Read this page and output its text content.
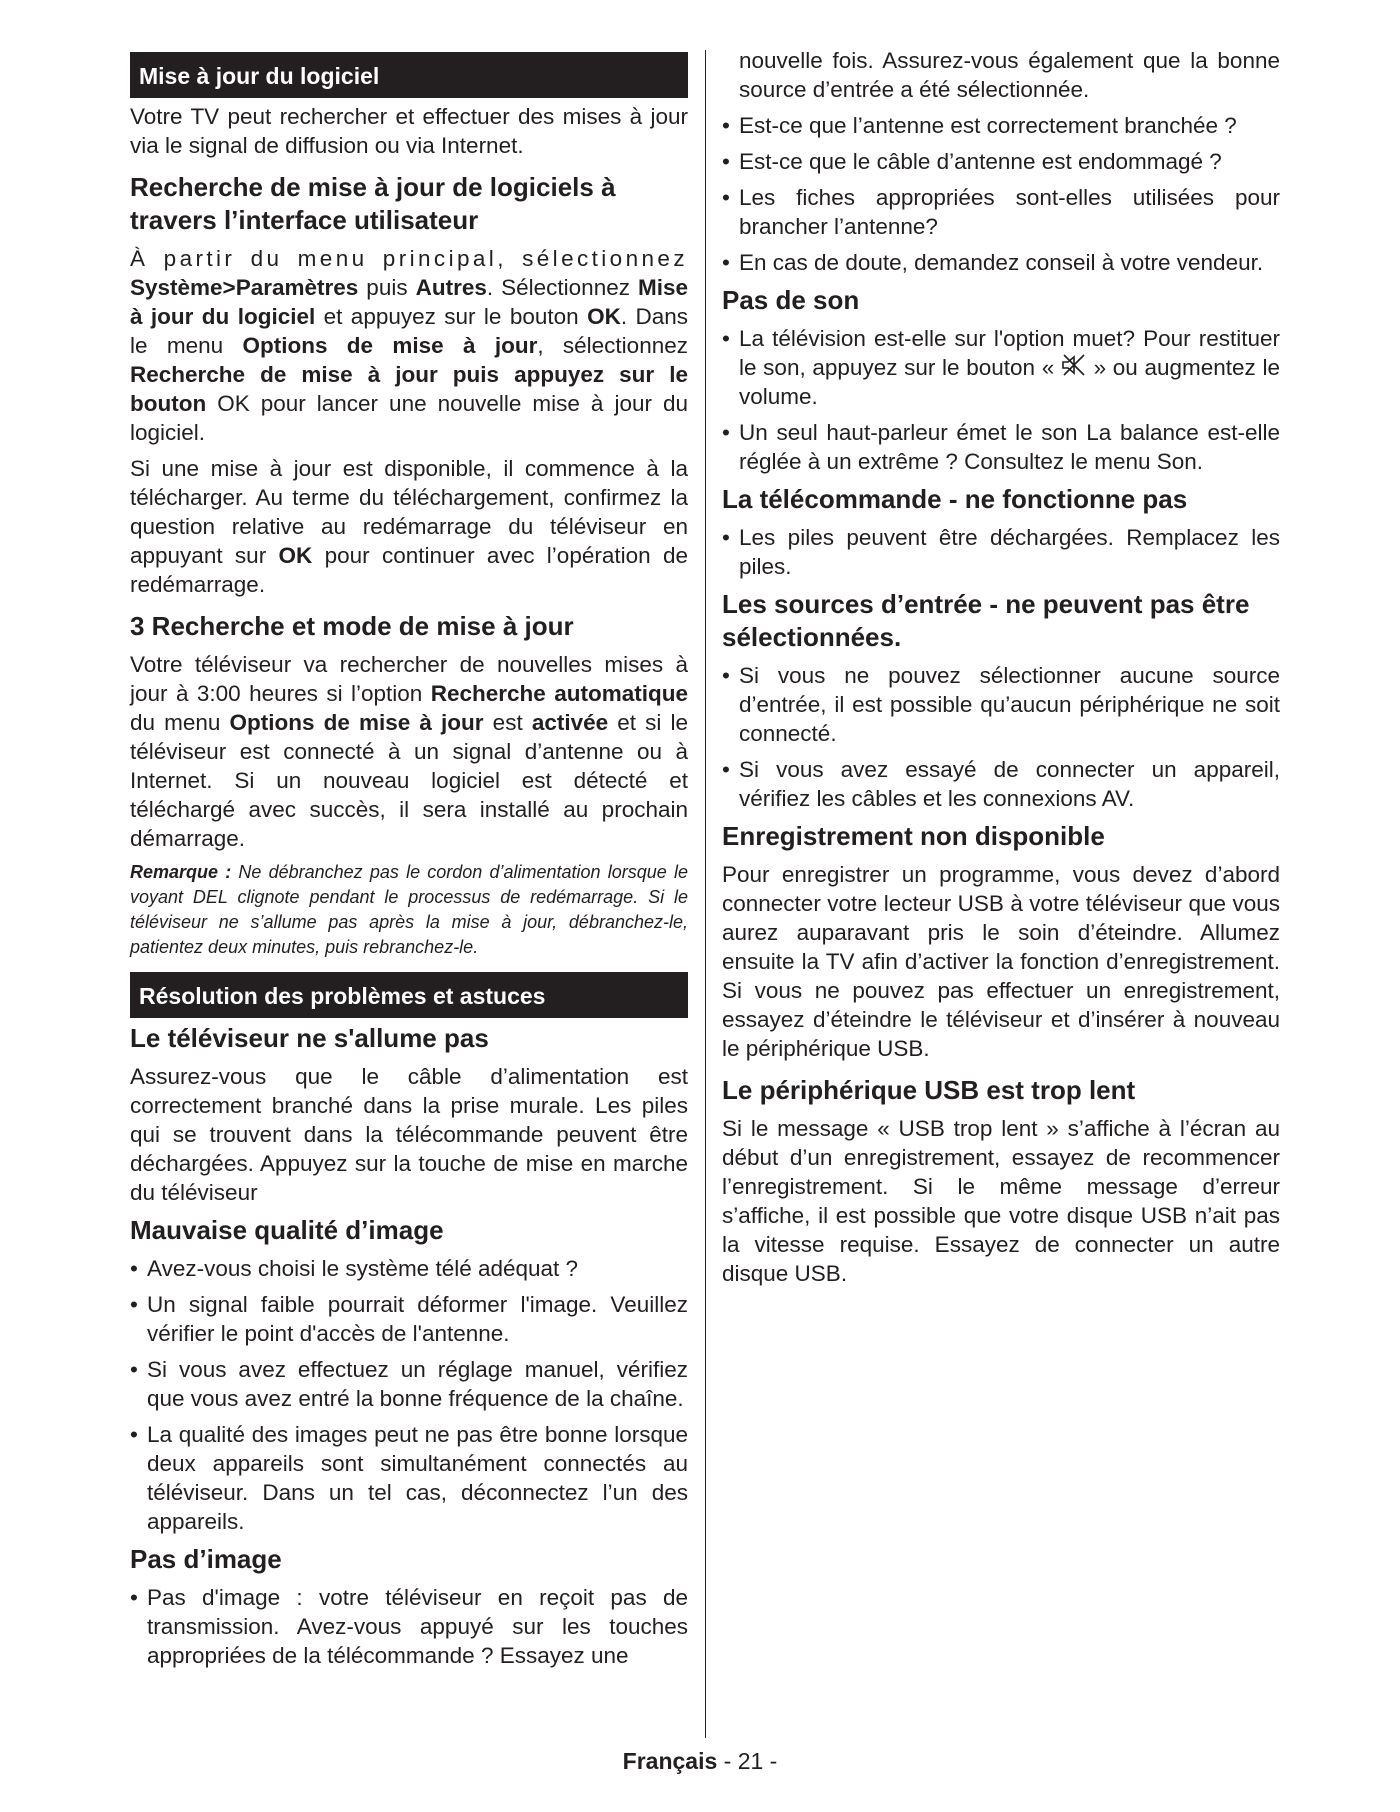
Mise à jour du logiciel

Votre TV peut rechercher et effectuer des mises à jour via le signal de diffusion ou via Internet.

Recherche de mise à jour de logiciels à travers l’interface utilisateur

À partir du menu principal, sélectionnez Système>Paramètres puis Autres. Sélectionnez Mise à jour du logiciel et appuyez sur le bouton OK. Dans le menu Options de mise à jour, sélectionnez Recherche de mise à jour puis appuyez sur le bouton OK pour lancer une nouvelle mise à jour du logiciel.

Si une mise à jour est disponible, il commence à la télécharger. Au terme du téléchargement, confirmez la question relative au redémarrage du téléviseur en appuyant sur OK pour continuer avec l’opération de redémarrage.

3 Recherche et mode de mise à jour

Votre téléviseur va rechercher de nouvelles mises à jour à 3:00 heures si l’option Recherche automatique du menu Options de mise à jour est activée et si le téléviseur est connecté à un signal d’antenne ou à Internet. Si un nouveau logiciel est détecté et téléchargé avec succès, il sera installé au prochain démarrage.

Remarque : Ne débranchez pas le cordon d’alimentation lorsque le voyant DEL clignote pendant le processus de redémarrage. Si le téléviseur ne s’allume pas après la mise à jour, débranchez-le, patientez deux minutes, puis rebranchez-le.

Résolution des problèmes et astuces
Le téléviseur ne s'allume pas

Assurez-vous que le câble d’alimentation est correctement branché dans la prise murale. Les piles qui se trouvent dans la télécommande peuvent être déchargées. Appuyez sur la touche de mise en marche du téléviseur

Mauvaise qualité d’image
• Avez-vous choisi le système télé adéquat ?
• Un signal faible pourrait déformer l'image. Veuillez vérifier le point d'accès de l'antenne.
• Si vous avez effectuez un réglage manuel, vérifiez que vous avez entré la bonne fréquence de la chaîne.
• La qualité des images peut ne pas être bonne lorsque deux appareils sont simultanément connectés au téléviseur. Dans un tel cas, déconnectez l’un des appareils.
Pas d’image
• Pas d'image : votre téléviseur en reçoit pas de transmission. Avez-vous appuyé sur les touches appropriées de la télécommande ? Essayez une

nouvelle fois. Assurez-vous également que la bonne source d’entrée a été sélectionnée.

• Est-ce que l’antenne est correctement branchée ?
• Est-ce que le câble d’antenne est endommagé ?
• Les fiches appropriées sont-elles utilisées pour brancher l’antenne?
• En cas de doute, demandez conseil à votre vendeur.
Pas de son
• La télévision est-elle sur l'option muet? Pour restituer le son, appuyez sur le bouton «  » ou augmentez le volume.
• Un seul haut-parleur émet le son La balance est-elle réglée à un extrême ? Consultez le menu Son.
La télécommande - ne fonctionne pas
• Les piles peuvent être déchargées. Remplacez les piles.
Les sources d’entrée - ne peuvent pas être sélectionnées.
• Si vous ne pouvez sélectionner aucune source d’entrée, il est possible qu’aucun périphérique ne soit connecté.
• Si vous avez essayé de connecter un appareil, vérifiez les câbles et les connexions AV.
Enregistrement non disponible

Pour enregistrer un programme, vous devez d’abord connecter votre lecteur USB à votre téléviseur que vous aurez auparavant pris le soin d’éteindre. Allumez ensuite la TV afin d’activer la fonction d’enregistrement. Si vous ne pouvez pas effectuer un enregistrement, essayez d’éteindre le téléviseur et d’insérer à nouveau le périphérique USB.

Le périphérique USB est trop lent

Si le message « USB trop lent » s’affiche à l’écran au début d’un enregistrement, essayez de recommencer l’enregistrement. Si le même message d’erreur s’affiche, il est possible que votre disque USB n’ait pas la vitesse requise. Essayez de connecter un autre disque USB.

Français - 21 -
